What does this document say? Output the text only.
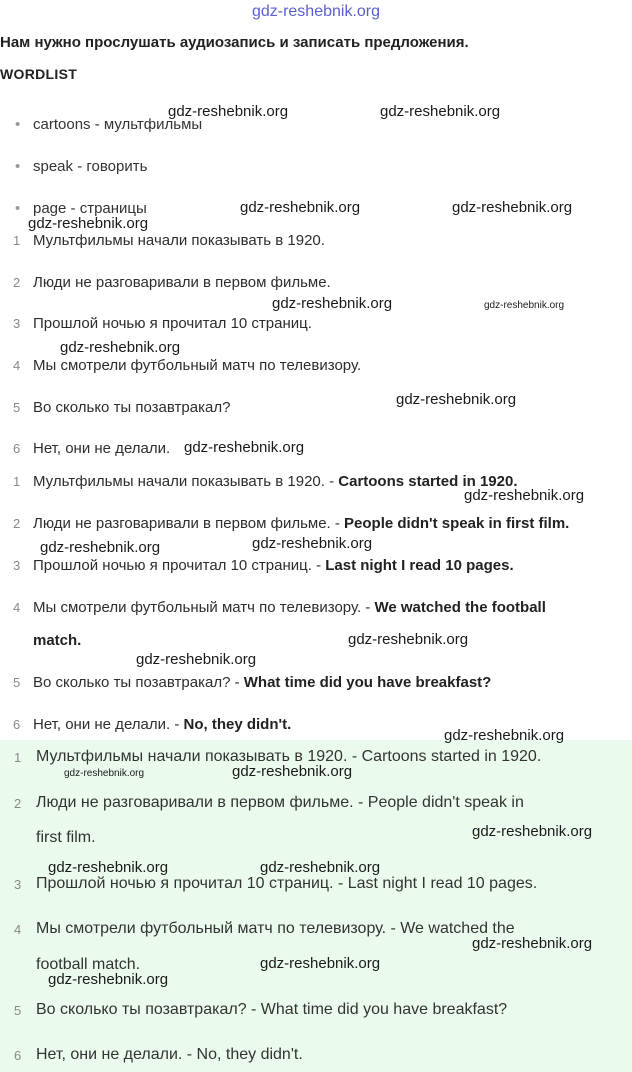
gdz-reshebnik.org
Нам нужно прослушать аудиозапись и записать предложения.
WORDLIST
• cartoons - мультфильмы
• speak - говорить
• page - страницы
1 Мультфильмы начали показывать в 1920.
2 Люди не разговаривали в первом фильме.
3 Прошлой ночью я прочитал 10 страниц.
4 Мы смотрели футбольный матч по телевизору.
5 Во сколько ты позавтракал?
6 Нет, они не делали.
1 Мультфильмы начали показывать в 1920. - Cartoons started in 1920.
2 Люди не разговаривали в первом фильме. - People didn't speak in first film.
3 Прошлой ночью я прочитал 10 страниц. - Last night I read 10 pages.
4 Мы смотрели футбольный матч по телевизору. - We watched the football
match.
5 Во сколько ты позавтракал? - What time did you have breakfast?
6 Нет, они не делали. - No, they didn't.
1 Мультфильмы начали показывать в 1920. - Cartoons started in 1920.
2 Люди не разговаривали в первом фильме. - People didn't speak in
first film.
3 Прошлой ночью я прочитал 10 страниц. - Last night I read 10 pages.
4 Мы смотрели футбольный матч по телевизору. - We watched the
football match.
5 Во сколько ты позавтракал? - What time did you have breakfast?
6 Нет, они не делали. - No, they didn't.
gdz-reshebnik.org	gdz-reshebnik.org
gdz-reshebnik.org	gdz-reshebnik.org
gdz-reshebnik.org
gdz-reshebnik.org	gdz-reshebnik.org
gdz-reshebnik.org
gdz-reshebnik.org
gdz-reshebnik.org
gdz-reshebnik.org
gdz-reshebnik.org	gdz-reshebnik.org
gdz-reshebnik.org
gdz-reshebnik.org
gdz-reshebnik.org
gdz-reshebnik.org	gdz-reshebnik.org
gdz-reshebnik.org
gdz-reshebnik.org	gdz-reshebnik.org
gdz-reshebnik.org
gdz-reshebnik.org
gdz-reshebnik.org
